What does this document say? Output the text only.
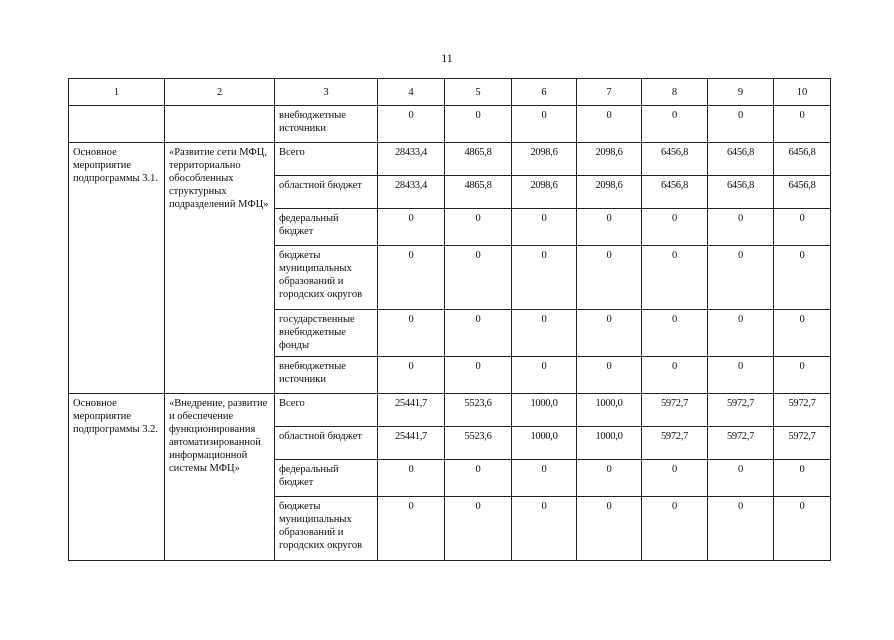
11
1	2	3	4	5	6	7	8	9	10
		внебюджетные источники	0	0	0	0	0	0	0
Основное мероприятие подпрограммы 3.1.	«Развитие сети МФЦ, территориально обособленных структурных подразделений МФЦ»	Всего	28433,4	4865,8	2098,6	2098,6	6456,8	6456,8	6456,8
		областной бюджет	28433,4	4865,8	2098,6	2098,6	6456,8	6456,8	6456,8
		федеральный бюджет	0	0	0	0	0	0	0
		бюджеты муниципальных образований и городских округов	0	0	0	0	0	0	0
		государственные внебюджетные фонды	0	0	0	0	0	0	0
		внебюджетные источники	0	0	0	0	0	0	0
Основное мероприятие подпрограммы 3.2.	«Внедрение, развитие и обеспечение функционирования автоматизированной информационной системы МФЦ»	Всего	25441,7	5523,6	1000,0	1000,0	5972,7	5972,7	5972,7
		областной бюджет	25441,7	5523,6	1000,0	1000,0	5972,7	5972,7	5972,7
		федеральный бюджет	0	0	0	0	0	0	0
		бюджеты муниципальных образований и городских округов	0	0	0	0	0	0	0
